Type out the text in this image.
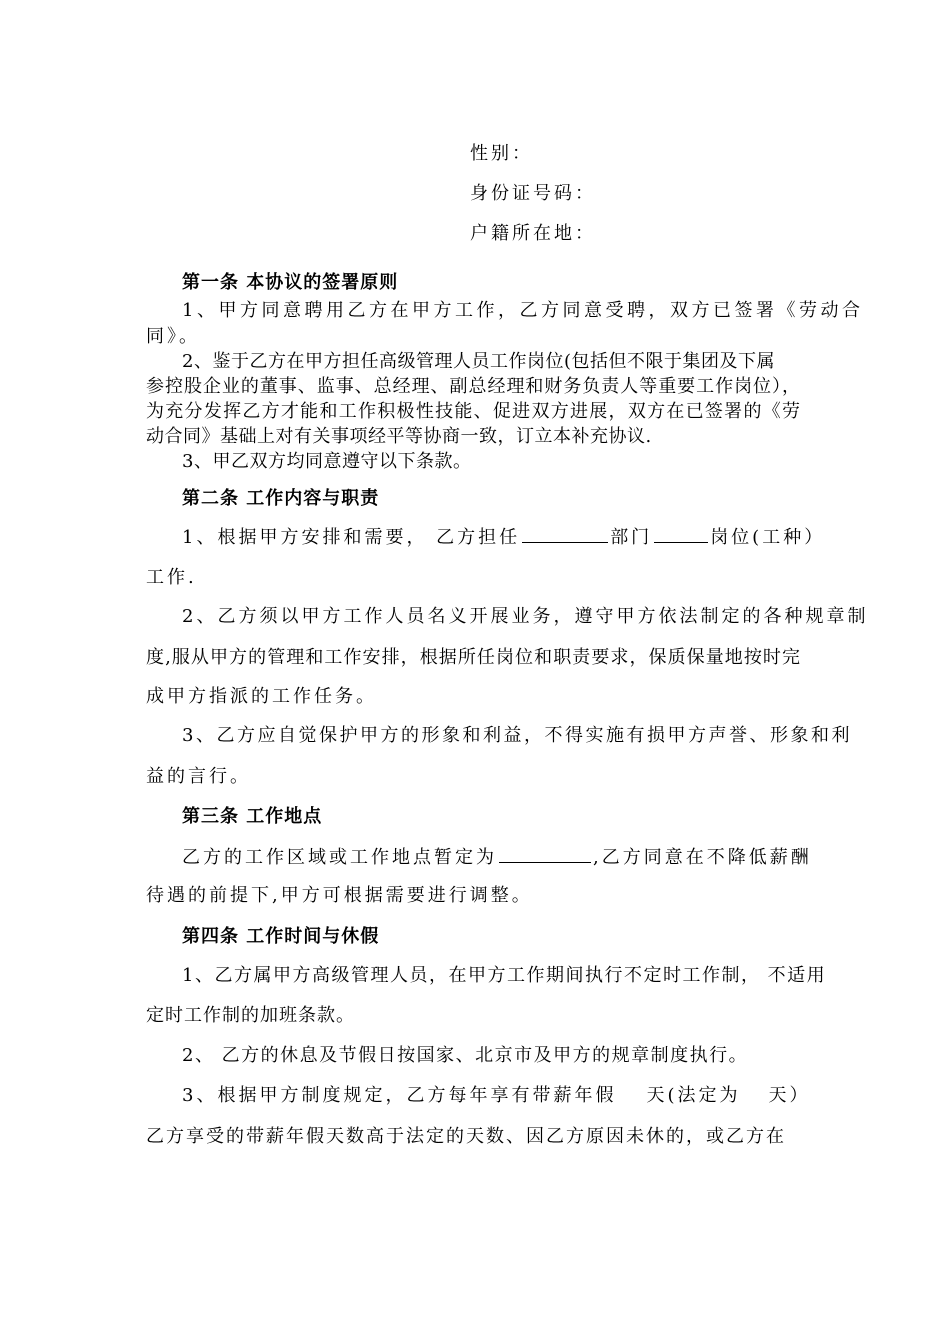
性别：
身份证号码：
户籍所在地：
第一条 本协议的签署原则
1、甲方同意聘用乙方在甲方工作，乙方同意受聘，双方已签署《劳动合
同》。
2、鉴于乙方在甲方担任高级管理人员工作岗位(包括但不限于集团及下属
参控股企业的董事、监事、总经理、副总经理和财务负责人等重要工作岗位），
为充分发挥乙方才能和工作积极性技能、促进双方进展，双方在已签署的《劳
动合同》基础上对有关事项经平等协商一致，订立本补充协议.
3、甲乙双方均同意遵守以下条款。
第二条 工作内容与职责
1、根据甲方安排和需要， 乙方担任	部门	岗位(工种）
工作.
2、乙方须以甲方工作人员名义开展业务，遵守甲方依法制定的各种规章制
度,服从甲方的管理和工作安排，根据所任岗位和职责要求，保质保量地按时完
成甲方指派的工作任务。
3、乙方应自觉保护甲方的形象和利益，不得实施有损甲方声誉、形象和利
益的言行。
第三条 工作地点
乙方的工作区域或工作地点暂定为	,乙方同意在不降低薪酬
待遇的前提下,甲方可根据需要进行调整。
第四条 工作时间与休假
1、乙方属甲方高级管理人员，在甲方工作期间执行不定时工作制， 不适用
定时工作制的加班条款。
2、 乙方的休息及节假日按国家、北京市及甲方的规章制度执行。
3、根据甲方制度规定，乙方每年享有带薪年假 天(法定为 天）
乙方享受的带薪年假天数高于法定的天数、因乙方原因未休的，或乙方在
